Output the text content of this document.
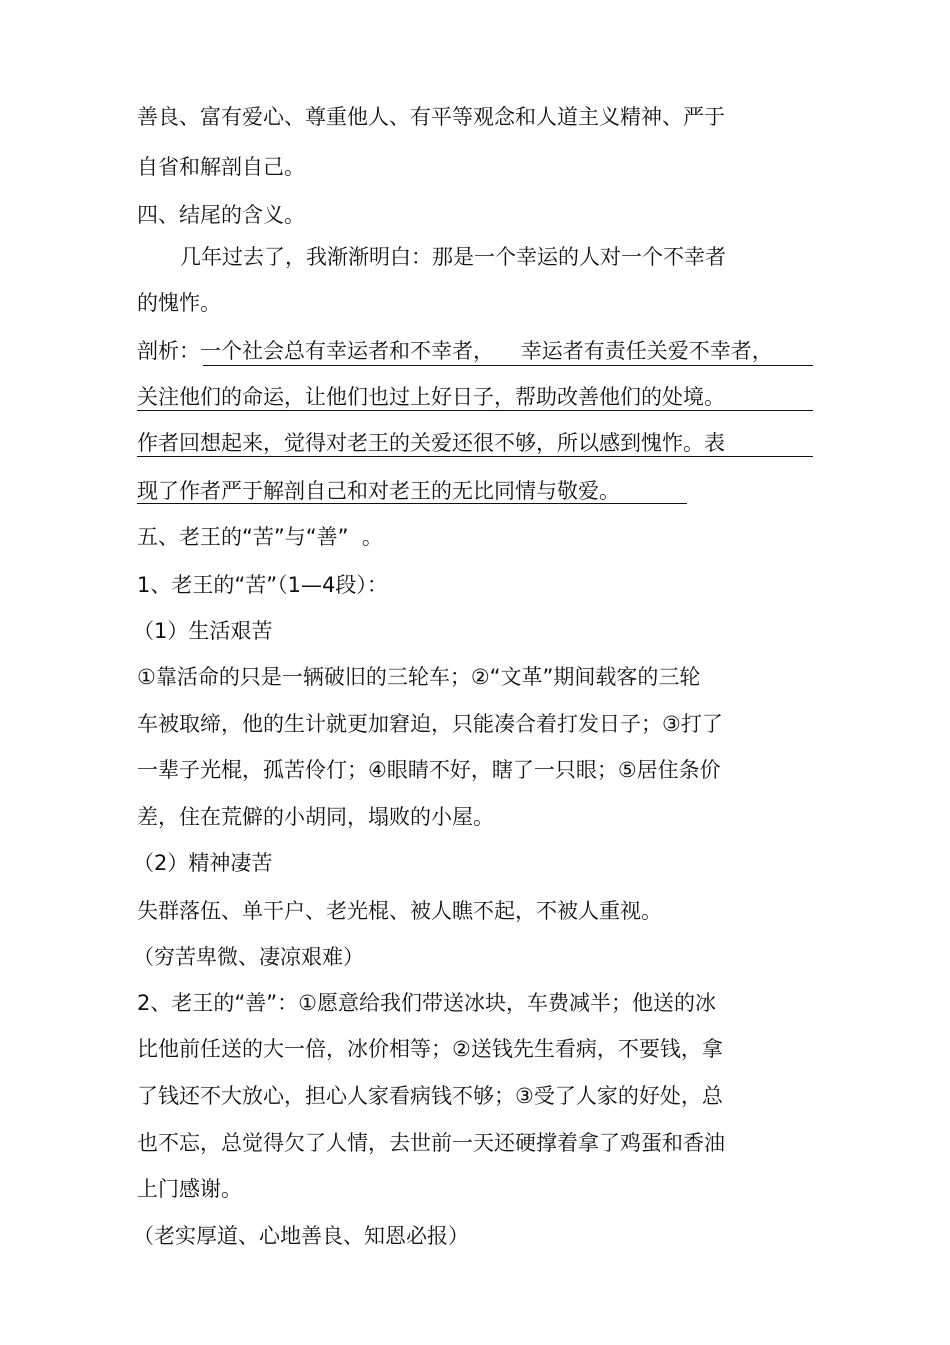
善良、富有爱心、尊重他人、有平等观念和人道主义精神、严于
自省和解剖自己。
四、结尾的含义。
几年过去了，我渐渐明白：那是一个幸运的人对一个不幸者
的愧怍。
剖析：一个社会总有幸运者和不幸者，    幸运者有责任关爱不幸者，
关注他们的命运，让他们也过上好日子，帮助改善他们的处境。
作者回想起来，觉得对老王的关爱还很不够，所以感到愧怍。表
现了作者严于解剖自己和对老王的无比同情与敬爱。
五、老王的“苦”与“善”  。
1、老王的“苦”（1—4段）：
（1）生活艰苦
①靠活命的只是一辆破旧的三轮车；②“文革”期间载客的三轮
车被取缔，他的生计就更加窘迫，只能凑合着打发日子；③打了
一辈子光棍，孤苦伶仃；④眼睛不好，瞎了一只眼；⑤居住条价
差，住在荒僻的小胡同，塌败的小屋。
（2）精神凄苦
失群落伍、单干户、老光棍、被人瞧不起，不被人重视。
（穷苦卑微、凄凉艰难）
2、老王的“善”：①愿意给我们带送冰块，车费减半；他送的冰
比他前任送的大一倍，冰价相等；②送钱先生看病，不要钱，拿
了钱还不大放心，担心人家看病钱不够；③受了人家的好处，总
也不忘，总觉得欠了人情，去世前一天还硬撑着拿了鸡蛋和香油
上门感谢。
（老实厚道、心地善良、知恩必报）
